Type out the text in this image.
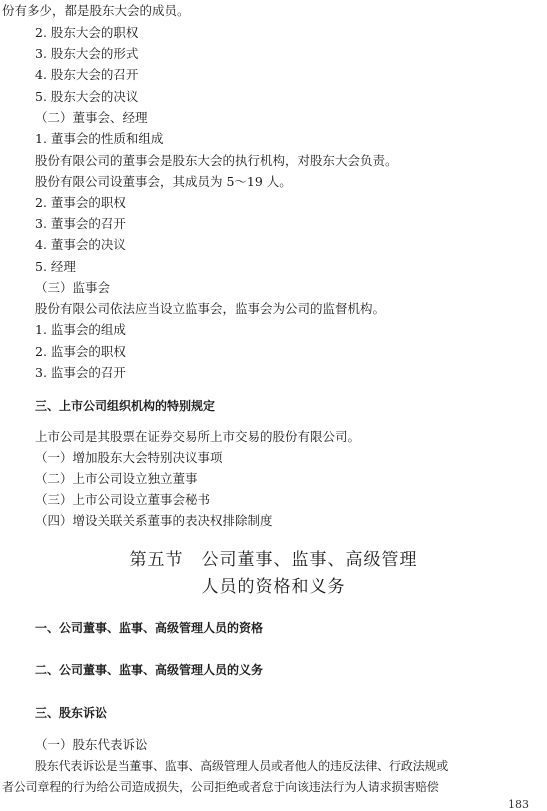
份有多少，都是股东大会的成员。
2. 股东大会的职权
3. 股东大会的形式
4. 股东大会的召开
5. 股东大会的决议
（二）董事会、经理
1. 董事会的性质和组成
股份有限公司的董事会是股东大会的执行机构，对股东大会负责。
股份有限公司设董事会，其成员为 5～19 人。
2. 董事会的职权
3. 董事会的召开
4. 董事会的决议
5. 经理
（三）监事会
股份有限公司依法应当设立监事会，监事会为公司的监督机构。
1. 监事会的组成
2. 监事会的职权
3. 监事会的召开
三、上市公司组织机构的特别规定
上市公司是其股票在证券交易所上市交易的股份有限公司。
（一）增加股东大会特别决议事项
（二）上市公司设立独立董事
（三）上市公司设立董事会秘书
（四）增设关联关系董事的表决权排除制度
第五节　公司董事、监事、高级管理
人员的资格和义务
一、公司董事、监事、高级管理人员的资格
二、公司董事、监事、高级管理人员的义务
三、股东诉讼
（一）股东代表诉讼
股东代表诉讼是当董事、监事、高级管理人员或者他人的违反法律、行政法规或
者公司章程的行为给公司造成损失，公司拒绝或者怠于向该违法行为人请求损害赔偿
183
